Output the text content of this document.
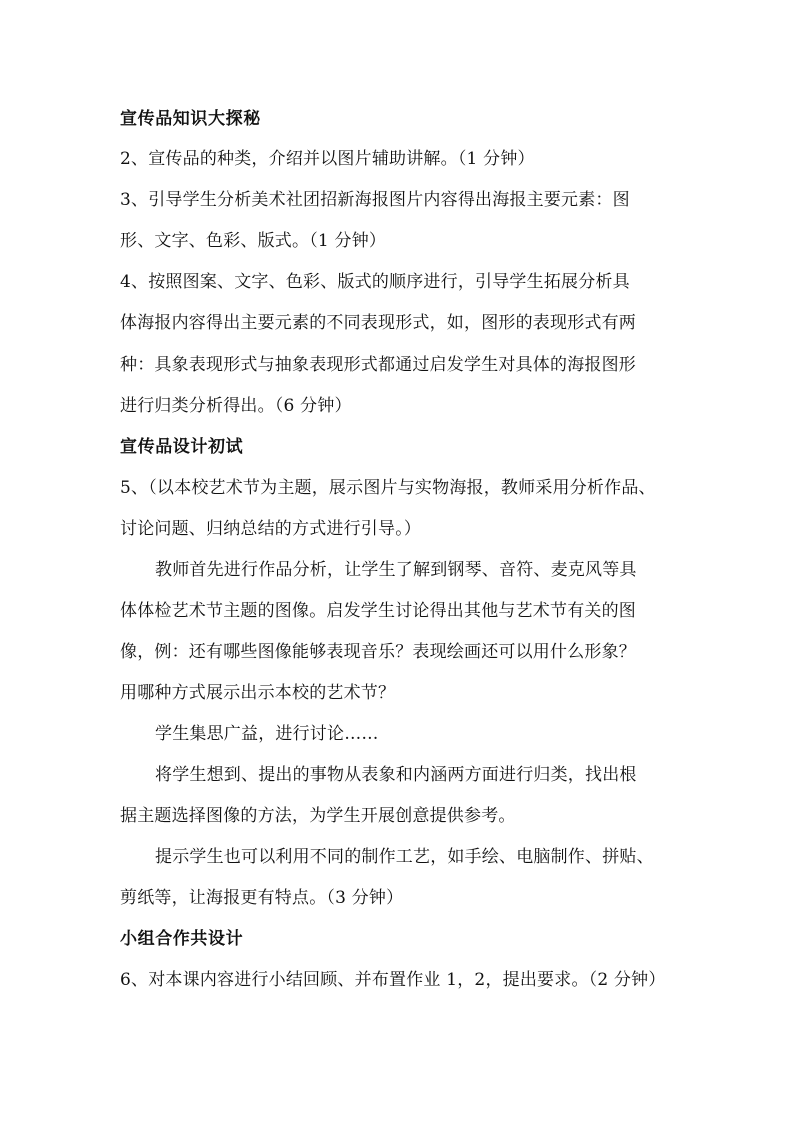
宣传品知识大探秘
2、宣传品的种类，介绍并以图片辅助讲解。（1 分钟）
3、引导学生分析美术社团招新海报图片内容得出海报主要元素：图
形、文字、色彩、版式。（1 分钟）
4、按照图案、文字、色彩、版式的顺序进行，引导学生拓展分析具
体海报内容得出主要元素的不同表现形式，如，图形的表现形式有两
种：具象表现形式与抽象表现形式都通过启发学生对具体的海报图形
进行归类分析得出。（6 分钟）
宣传品设计初试
5、（以本校艺术节为主题，展示图片与实物海报，教师采用分析作品、
讨论问题、归纳总结的方式进行引导。）
教师首先进行作品分析，让学生了解到钢琴、音符、麦克风等具
体体检艺术节主题的图像。启发学生讨论得出其他与艺术节有关的图
像，例：还有哪些图像能够表现音乐？表现绘画还可以用什么形象？
用哪种方式展示出示本校的艺术节？
学生集思广益，进行讨论……
将学生想到、提出的事物从表象和内涵两方面进行归类，找出根
据主题选择图像的方法，为学生开展创意提供参考。
提示学生也可以利用不同的制作工艺，如手绘、电脑制作、拼贴、
剪纸等，让海报更有特点。（3 分钟）
小组合作共设计
6、对本课内容进行小结回顾、并布置作业 1，2，提出要求。（2 分钟）
